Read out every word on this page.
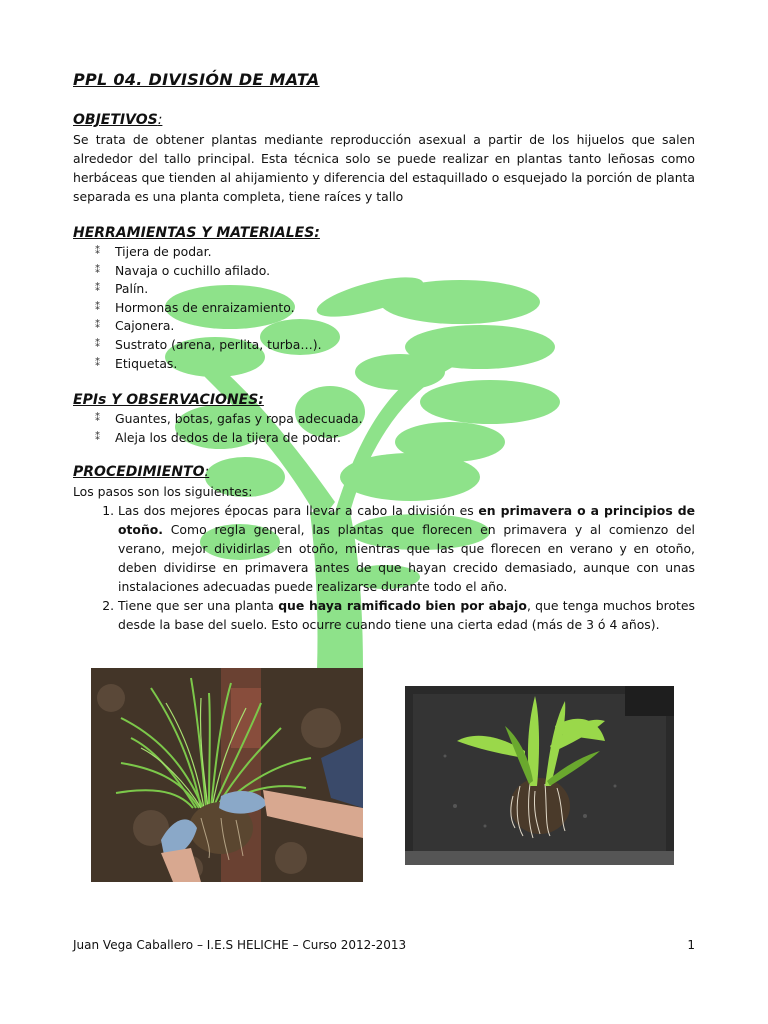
PPL 04. DIVISIÓN DE MATA
OBJETIVOS:

Se trata de obtener plantas mediante reproducción asexual a partir de los hijuelos que salen alrededor del tallo principal. Esta técnica solo se puede realizar en plantas tanto leñosas como herbáceas que tienden al ahijamiento y diferencia del estaquillado o esquejado la porción de planta separada es una planta completa, tiene raíces y tallo

HERRAMIENTAS Y MATERIALES:
⁑	Tijera de podar.
⁑	Navaja o cuchillo afilado.
⁑	Palín.
⁑	Hormonas de enraizamiento.
⁑	Cajonera.
⁑	Sustrato (arena, perlita, turba…).
⁑	Etiquetas.
EPIs Y OBSERVACIONES:
⁑	Guantes, botas, gafas y ropa adecuada.
⁑	Aleja los dedos de la tijera de podar.
PROCEDIMIENTO:

Los pasos son los siguientes:

1. Las dos mejores épocas para llevar a cabo la división es en primavera o a principios de otoño. Como regla general, las plantas que florecen en primavera y al comienzo del verano, mejor dividirlas en otoño, mientras que las que florecen en verano y en otoño, deben dividirse en primavera antes de que hayan crecido demasiado, aunque con unas instalaciones adecuadas puede realizarse durante todo el año.
2. Tiene que ser una planta que haya ramificado bien por abajo, que tenga muchos brotes desde la base del suelo. Esto ocurre cuando tiene una cierta edad (más de 3 ó 4 años).
Juan Vega Caballero – I.E.S HELICHE – Curso 2012-2013	1
